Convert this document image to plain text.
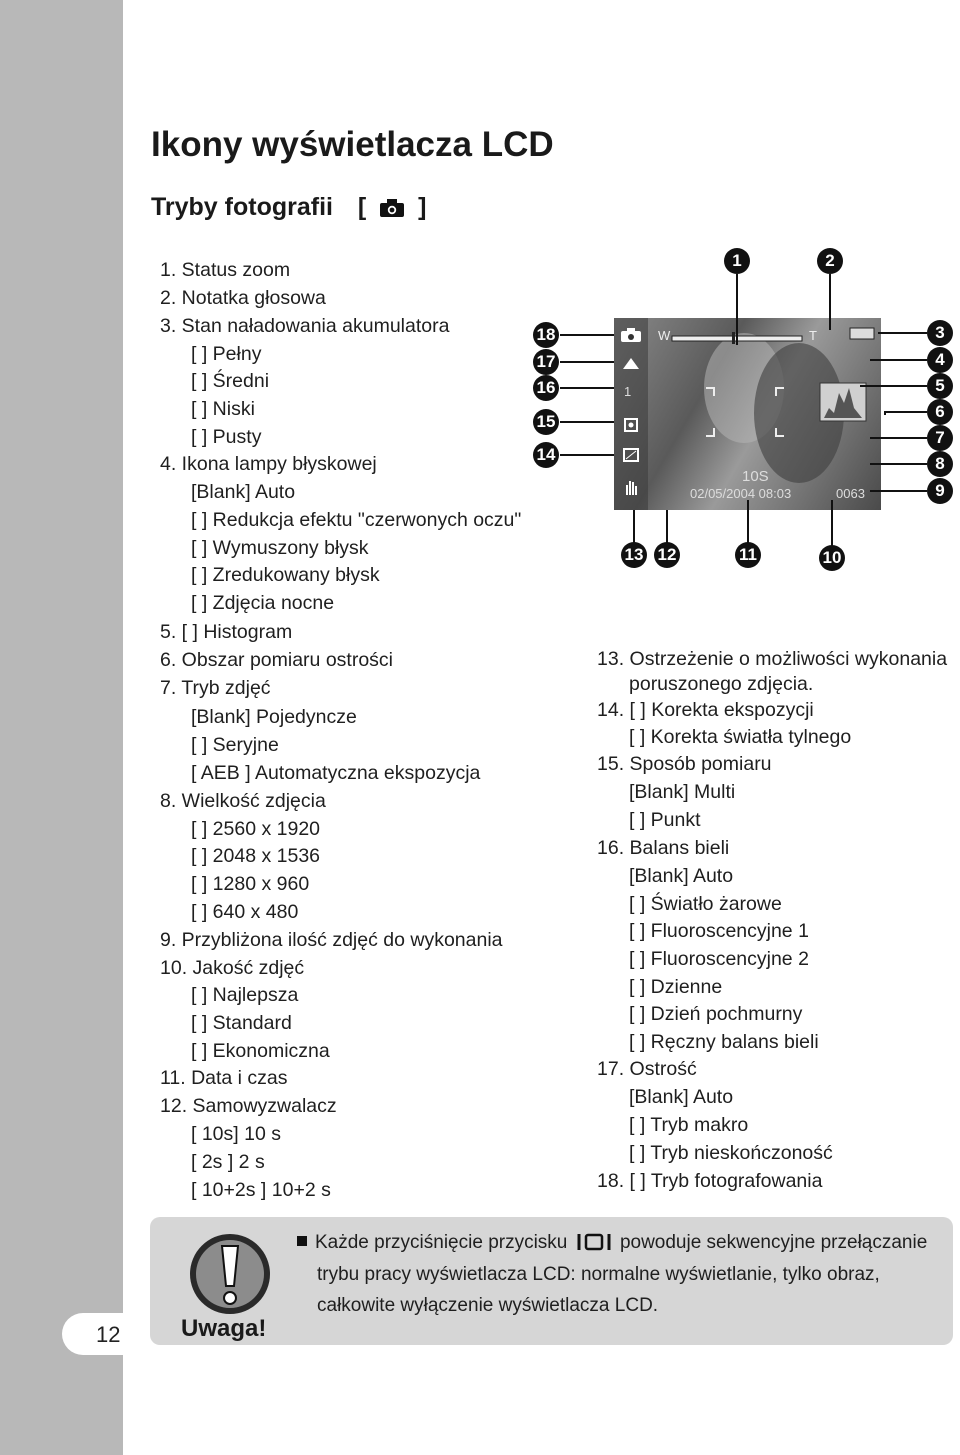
12
Ikony wyświetlacza LCD
Tryby fotografii [ ]
1. Status zoom
2. Notatka głosowa
3. Stan naładowania akumulatora
[ ] Pełny
[ ] Średni
[ ] Niski
[ ] Pusty
4. Ikona lampy błyskowej
[Blank] Auto
[ ] Redukcja efektu "czerwonych oczu"
[ ] Wymuszony błysk
[ ] Zredukowany błysk
[ ] Zdjęcia nocne
5. [ ] Histogram
6. Obszar pomiaru ostrości
7. Tryb zdjęć
[Blank] Pojedyncze
[ ] Seryjne
[ AEB ] Automatyczna ekspozycja
8. Wielkość zdjęcia
[ ] 2560 x 1920
[ ] 2048 x 1536
[ ] 1280 x 960
[ ] 640 x 480
9. Przybliżona ilość zdjęć do wykonania
10. Jakość zdjęć
[ ] Najlepsza
[ ] Standard
[ ] Ekonomiczna
11. Data i czas
12. Samowyzwalacz
[ 10s] 10 s
[ 2s ] 2 s
[ 10+2s ] 10+2 s
13. Ostrzeżenie o możliwości wykonania
poruszonego zdjęcia.
14. [ ] Korekta ekspozycji
[ ] Korekta światła tylnego
15. Sposób pomiaru
[Blank] Multi
[ ] Punkt
16. Balans bieli
[Blank] Auto
[ ] Światło żarowe
[ ] Fluoroscencyjne 1
[ ] Fluoroscencyjne 2
[ ] Dzienne
[ ] Dzień pochmurny
[ ] Ręczny balans bieli
17. Ostrość
[Blank] Auto
[ ] Tryb makro
[ ] Tryb nieskończoność
18. [ ] Tryb fotografowania
1
W	T
10S
02/05/2004 08:03	0063
1	2
3
4
5
6
7
8
9
10
11
12
13
14
15
16
17
18
Uwaga!
Każde przyciśnięcie przycisku	powoduje sekwencyjne przełączanie
trybu pracy wyświetlacza LCD: normalne wyświetlanie, tylko obraz,
całkowite wyłączenie wyświetlacza LCD.
